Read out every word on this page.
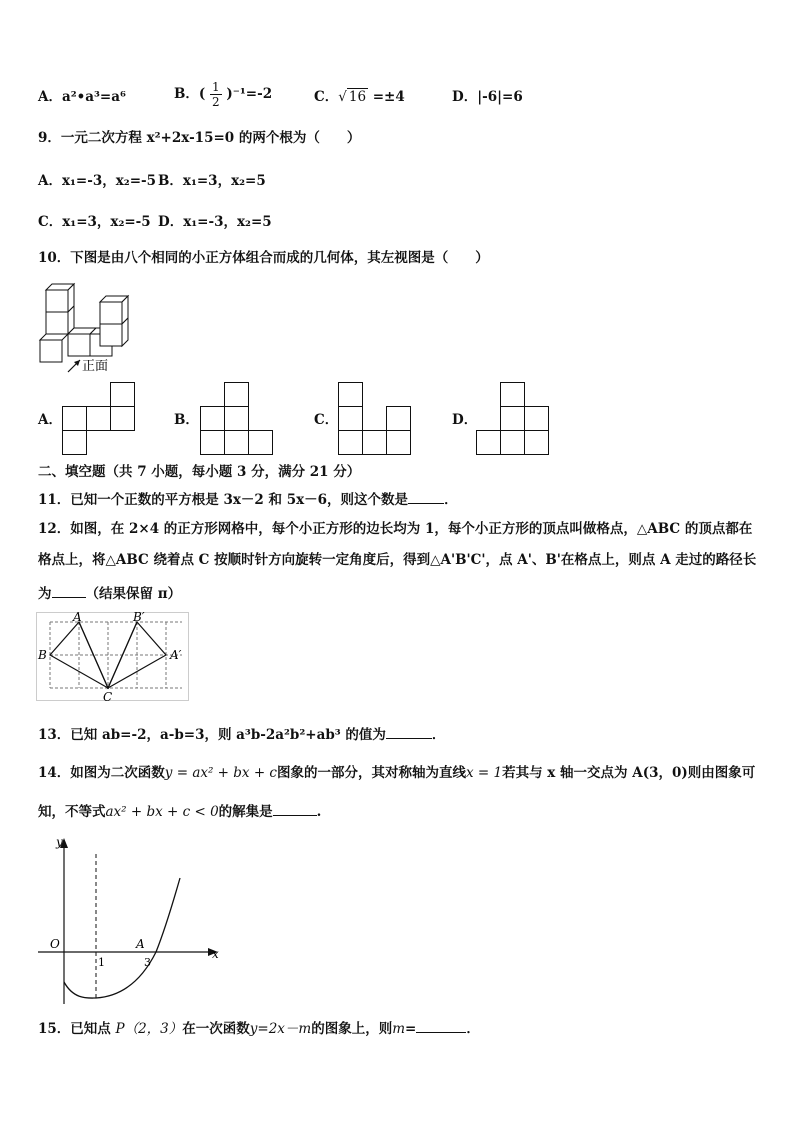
A．a²•a³=a⁶	B．( $\frac{1}{2} )^{-1}=-2$	C．√ 16 =±4	D．|-6|=6
9．一元二次方程 x²+2x-15=0 的两个根为（　　）
A．x₁=-3，x₂=-5 B．x₁=3，x₂=5
C．x₁=3，x₂=-5 D．x₁=-3，x₂=5
10．下图是由八个相同的小正方体组合而成的几何体，其左视图是（　　）
正面
A．	B．	C．	D．
二、填空题（共 7 小题，每小题 3 分，满分 21 分）
11．已知一个正数的平方根是 3x－2 和 5x－6，则这个数是	．
12．如图，在 2×4 的正方形网格中，每个小正方形的边长均为 1，每个小正方形的顶点叫做格点，△ABC 的顶点都在
格点上，将△ABC 绕着点 C 按顺时针方向旋转一定角度后，得到△A'B'C'，点 A'、B'在格点上，则点 A 走过的路径长
为	（结果保留 π）
A
B
C
B′
A′
13．已知 ab=-2，a-b=3，则 a³b-2a²b²+ab³ 的值为	．
14．如图为二次函数y = ax² + bx + c图象的一部分，其对称轴为直线x = 1若其与 x 轴一交点为 A(3，0)则由图象可
知，不等式ax² + bx + c < 0的解集是	.
y
x
O
1	3
A
15．已知点 P（2，3）在一次函数y=2x－m的图象上，则m=	．
